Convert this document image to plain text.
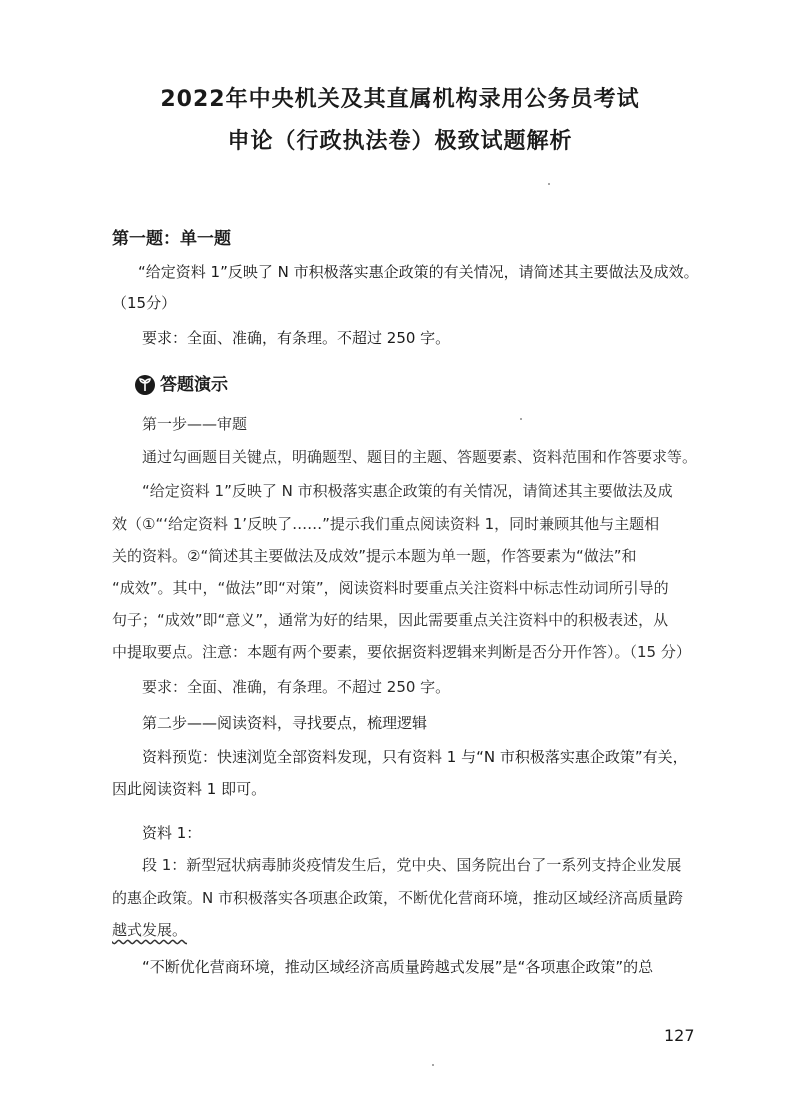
2022年中央机关及其直属机构录用公务员考试
申论（行政执法卷）极致试题解析

第一题：单一题

“给定资料 1”反映了 N 市积极落实惠企政策的有关情况，请简述其主要做法及成效。

（15分）

要求：全面、准确，有条理。不超过 250 字。

答题演示

第一步——审题

通过勾画题目关键点，明确题型、题目的主题、答题要素、资料范围和作答要求等。

“给定资料 1”反映了 N 市积极落实惠企政策的有关情况，请简述其主要做法及成

效（①“‘给定资料 1’反映了……”提示我们重点阅读资料 1，同时兼顾其他与主题相

关的资料。②“简述其主要做法及成效”提示本题为单一题，作答要素为“做法”和

“成效”。其中，“做法”即“对策”，阅读资料时要重点关注资料中标志性动词所引导的

句子；“成效”即“意义”，通常为好的结果，因此需要重点关注资料中的积极表述，从

中提取要点。注意：本题有两个要素，要依据资料逻辑来判断是否分开作答）。（15 分）

要求：全面、准确，有条理。不超过 250 字。

第二步——阅读资料，寻找要点，梳理逻辑

资料预览：快速浏览全部资料发现，只有资料 1 与“N 市积极落实惠企政策”有关，

因此阅读资料 1 即可。

资料 1：

段 1：新型冠状病毒肺炎疫情发生后，党中央、国务院出台了一系列支持企业发展

的惠企政策。N 市积极落实各项惠企政策，不断优化营商环境，推动区域经济高质量跨

越式发展。

“不断优化营商环境，推动区域经济高质量跨越式发展”是“各项惠企政策”的总

127
